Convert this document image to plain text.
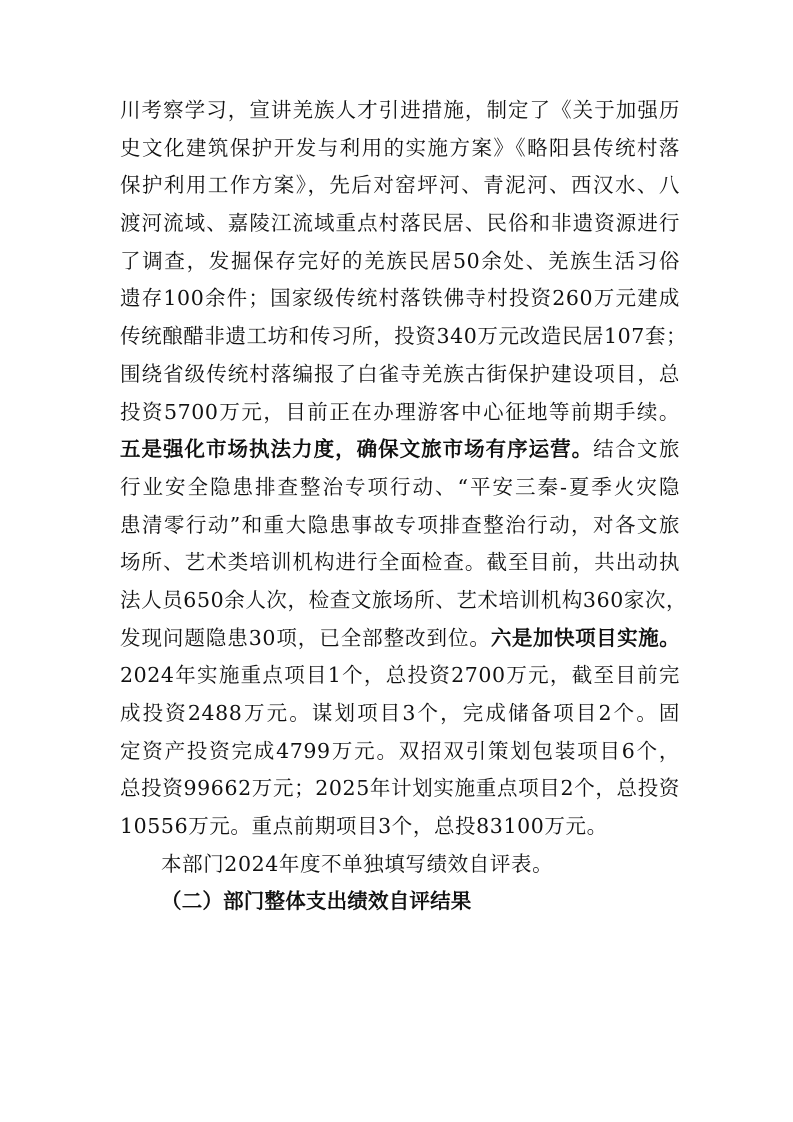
川考察学习，宣讲羌族人才引进措施，制定了《关于加强历
史文化建筑保护开发与利用的实施方案》《略阳县传统村落
保护利用工作方案》，先后对窑坪河、青泥河、西汉水、八
渡河流域、嘉陵江流域重点村落民居、民俗和非遗资源进行
了调查，发掘保存完好的羌族民居50余处、羌族生活习俗
遗存100余件；国家级传统村落铁佛寺村投资260万元建成
传统酿醋非遗工坊和传习所，投资340万元改造民居107套；
围绕省级传统村落编报了白雀寺羌族古街保护建设项目，总
投资5700万元，目前正在办理游客中心征地等前期手续。
五是强化市场执法力度，确保文旅市场有序运营。结合文旅
行业安全隐患排查整治专项行动、“平安三秦-夏季火灾隐
患清零行动”和重大隐患事故专项排查整治行动，对各文旅
场所、艺术类培训机构进行全面检查。截至目前，共出动执
法人员650余人次，检查文旅场所、艺术培训机构360家次，
发现问题隐患30项，已全部整改到位。六是加快项目实施。
2024年实施重点项目1个，总投资2700万元，截至目前完
成投资2488万元。谋划项目3个，完成储备项目2个。固
定资产投资完成4799万元。双招双引策划包装项目6个，
总投资99662万元；2025年计划实施重点项目2个，总投资
10556万元。重点前期项目3个，总投83100万元。
本部门2024年度不单独填写绩效自评表。
（二）部门整体支出绩效自评结果
